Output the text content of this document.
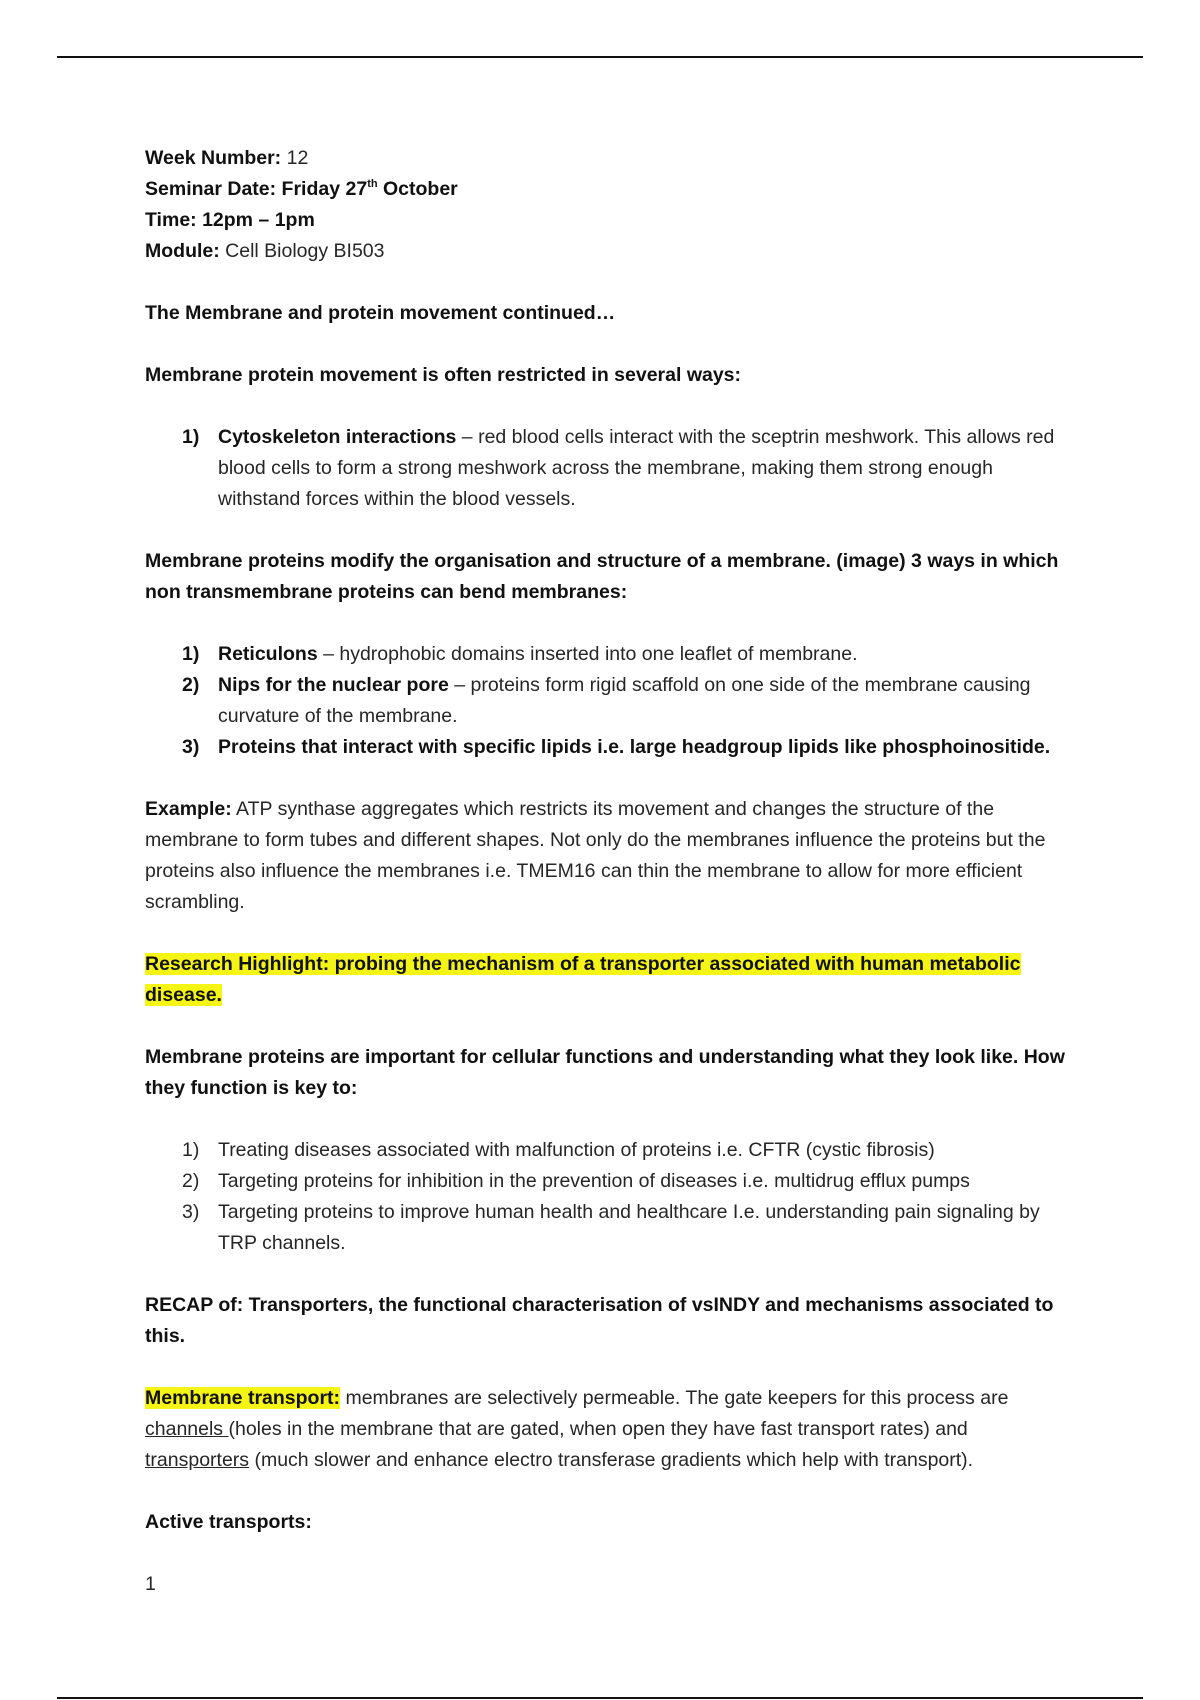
Week Number: 12

Seminar Date: Friday 27th October

Time: 12pm – 1pm

Module: Cell Biology BI503

The Membrane and protein movement continued…

Membrane protein movement is often restricted in several ways:

1) Cytoskeleton interactions – red blood cells interact with the sceptrin meshwork. This allows red blood cells to form a strong meshwork across the membrane, making them strong enough withstand forces within the blood vessels.

Membrane proteins modify the organisation and structure of a membrane. (image) 3 ways in which non transmembrane proteins can bend membranes:

1) Reticulons – hydrophobic domains inserted into one leaflet of membrane.
2) Nips for the nuclear pore – proteins form rigid scaffold on one side of the membrane causing curvature of the membrane.
3) Proteins that interact with specific lipids i.e. large headgroup lipids like phosphoinositide.

Example: ATP synthase aggregates which restricts its movement and changes the structure of the membrane to form tubes and different shapes. Not only do the membranes influence the proteins but the proteins also influence the membranes i.e. TMEM16 can thin the membrane to allow for more efficient scrambling.

Research Highlight: probing the mechanism of a transporter associated with human metabolic disease.

Membrane proteins are important for cellular functions and understanding what they look like. How they function is key to:

1) Treating diseases associated with malfunction of proteins i.e. CFTR (cystic fibrosis)
2) Targeting proteins for inhibition in the prevention of diseases i.e. multidrug efflux pumps
3) Targeting proteins to improve human health and healthcare I.e. understanding pain signaling by TRP channels.

RECAP of: Transporters, the functional characterisation of vsINDY and mechanisms associated to this.

Membrane transport: membranes are selectively permeable. The gate keepers for this process are channels (holes in the membrane that are gated, when open they have fast transport rates) and transporters (much slower and enhance electro transferase gradients which help with transport).

Active transports:

1
